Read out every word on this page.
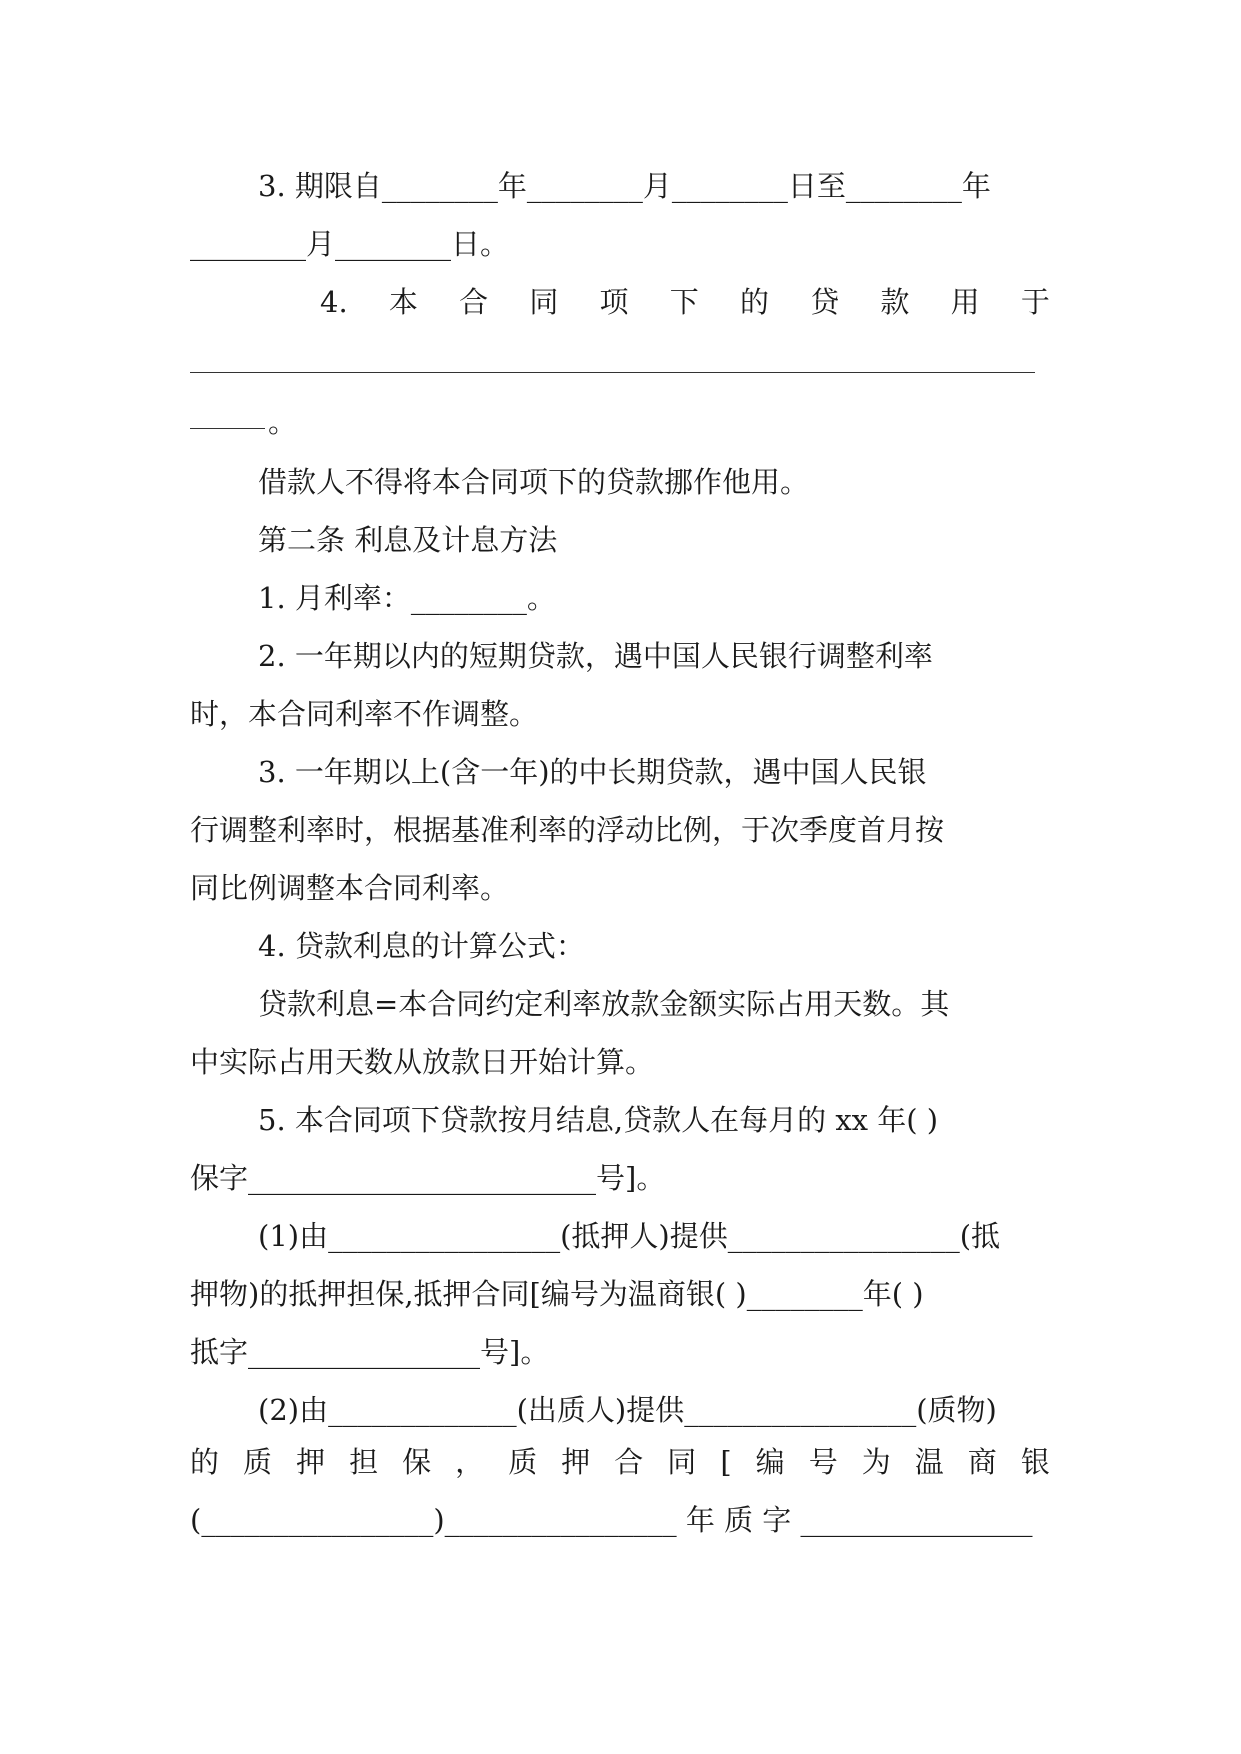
3. 期限自________年________月________日至________年
________月________日。
4. 本 合 同 项 下 的 贷 款 用 于
。
借款人不得将本合同项下的贷款挪作他用。
第二条 利息及计息方法
1. 月利率：________。
2. 一年期以内的短期贷款，遇中国人民银行调整利率
时，本合同利率不作调整。
3. 一年期以上(含一年)的中长期贷款，遇中国人民银
行调整利率时，根据基准利率的浮动比例，于次季度首月按
同比例调整本合同利率。
4. 贷款利息的计算公式：
贷款利息=本合同约定利率放款金额实际占用天数。其
中实际占用天数从放款日开始计算。
5. 本合同项下贷款按月结息,贷款人在每月的 xx 年( )
保字________________________号]。
(1)由________________(抵押人)提供________________(抵
押物)的抵押担保,抵押合同[编号为温商银( )________年( )
抵字________________号]。
(2)由_____________(出质人)提供________________(质物)
的 质 押 担 保 ， 质 押 合 同 [ 编 号 为 温 商 银
(________________)________________ 年 质 字 ________________
